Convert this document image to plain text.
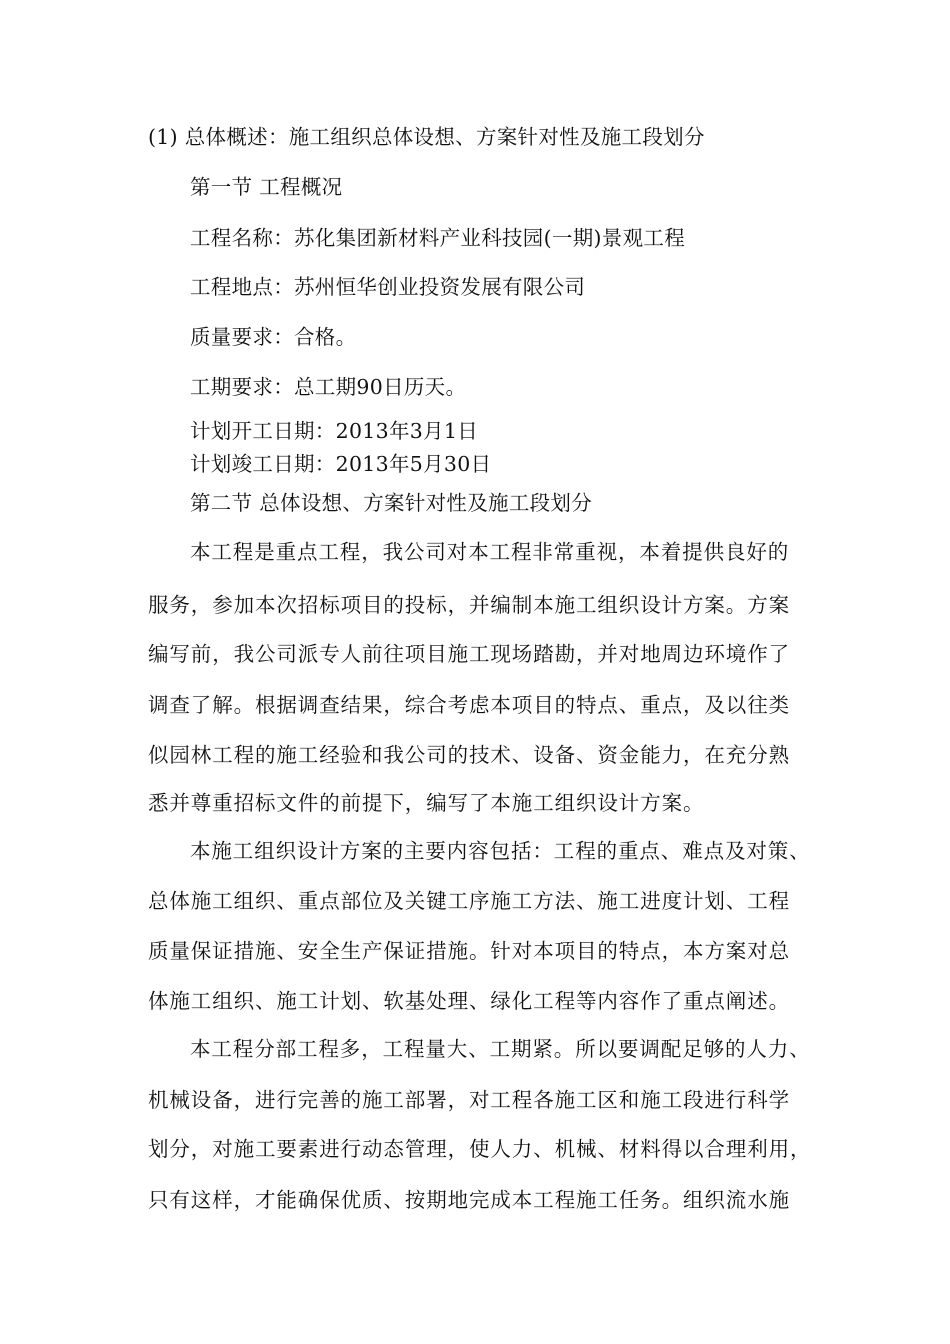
(1) 总体概述：施工组织总体设想、方案针对性及施工段划分
第一节 工程概况
工程名称：苏化集团新材料产业科技园(一期)景观工程
工程地点：苏州恒华创业投资发展有限公司
质量要求：合格。
工期要求：总工期90日历天。
计划开工日期：2013年3月1日
计划竣工日期：2013年5月30日
第二节 总体设想、方案针对性及施工段划分
本工程是重点工程，我公司对本工程非常重视，本着提供良好的
服务，参加本次招标项目的投标，并编制本施工组织设计方案。方案
编写前，我公司派专人前往项目施工现场踏勘，并对地周边环境作了
调查了解。根据调查结果，综合考虑本项目的特点、重点，及以往类
似园林工程的施工经验和我公司的技术、设备、资金能力，在充分熟
悉并尊重招标文件的前提下，编写了本施工组织设计方案。
本施工组织设计方案的主要内容包括：工程的重点、难点及对策、
总体施工组织、重点部位及关键工序施工方法、施工进度计划、工程
质量保证措施、安全生产保证措施。针对本项目的特点，本方案对总
体施工组织、施工计划、软基处理、绿化工程等内容作了重点阐述。
本工程分部工程多，工程量大、工期紧。所以要调配足够的人力、
机械设备，进行完善的施工部署，对工程各施工区和施工段进行科学
划分，对施工要素进行动态管理，使人力、机械、材料得以合理利用，
只有这样，才能确保优质、按期地完成本工程施工任务。组织流水施
